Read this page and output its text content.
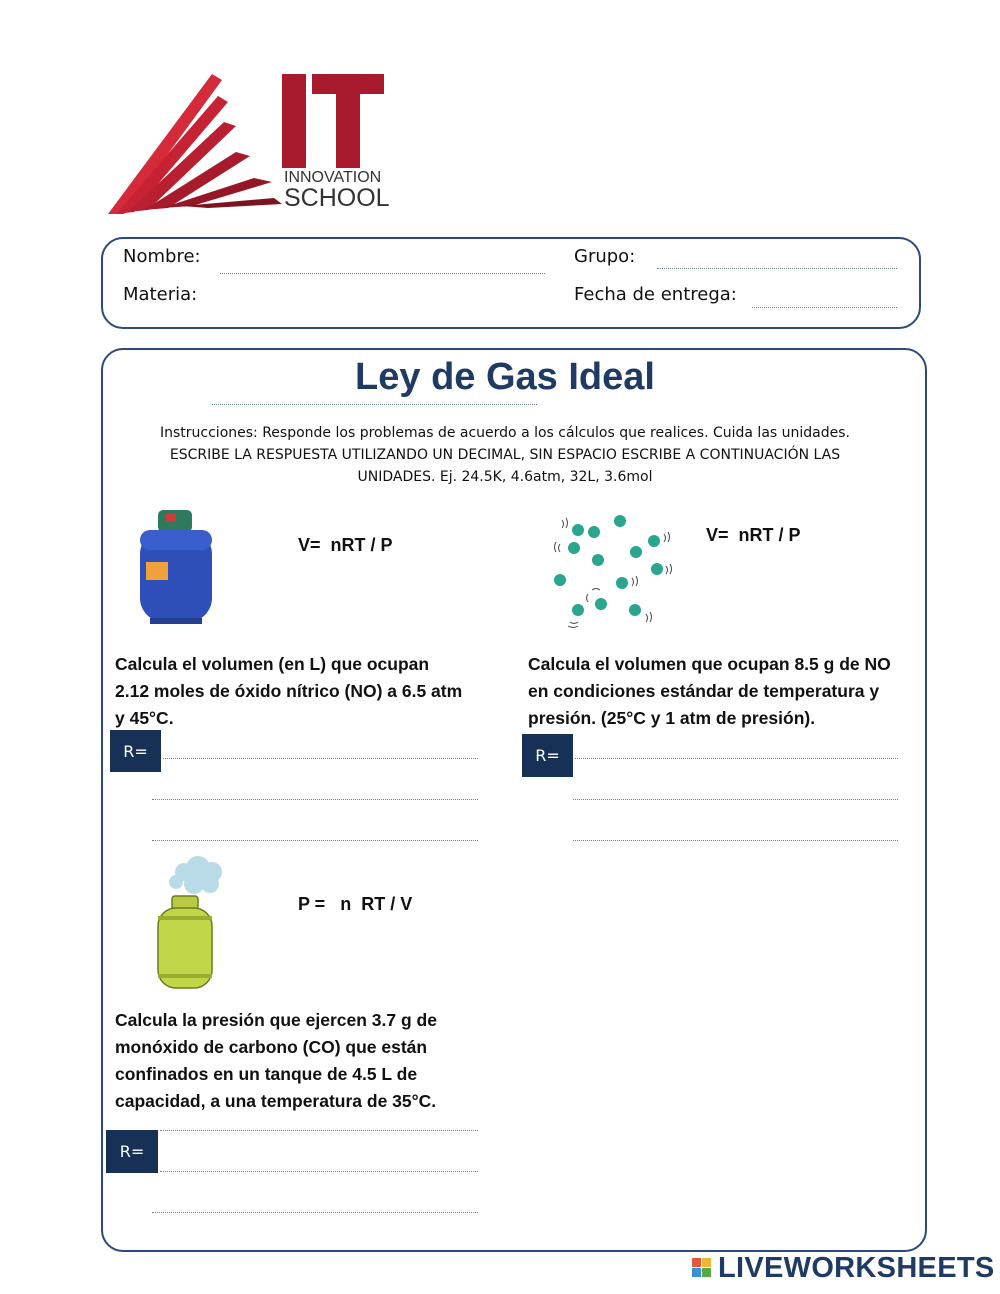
INNOVATION
SCHOOL
IT
Nombre:	Grupo:
Materia:	Fecha de entrega:
Ley de Gas Ideal
Instrucciones: Responde los problemas de acuerdo a los cálculos que realices. Cuida las unidades. ESCRIBE LA RESPUESTA UTILIZANDO UN DECIMAL, SIN ESPACIO ESCRIBE A CONTINUACIÓN LAS UNIDADES. Ej. 24.5K, 4.6atm, 32L, 3.6mol
V=  nRT / P
Calcula el volumen (en L) que ocupan 2.12 moles de óxido nítrico (NO) a 6.5 atm y 45°C.
R=
V=  nRT / P
Calcula el volumen que ocupan 8.5 g de NO en condiciones estándar de temperatura y presión. (25°C y 1 atm de presión).
R=
P =   n  RT / V
Calcula la presión que ejercen 3.7 g de monóxido de carbono (CO) que están confinados en un tanque de 4.5 L de capacidad, a una temperatura de 35°C.
R=
LIVEWORKSHEETS
